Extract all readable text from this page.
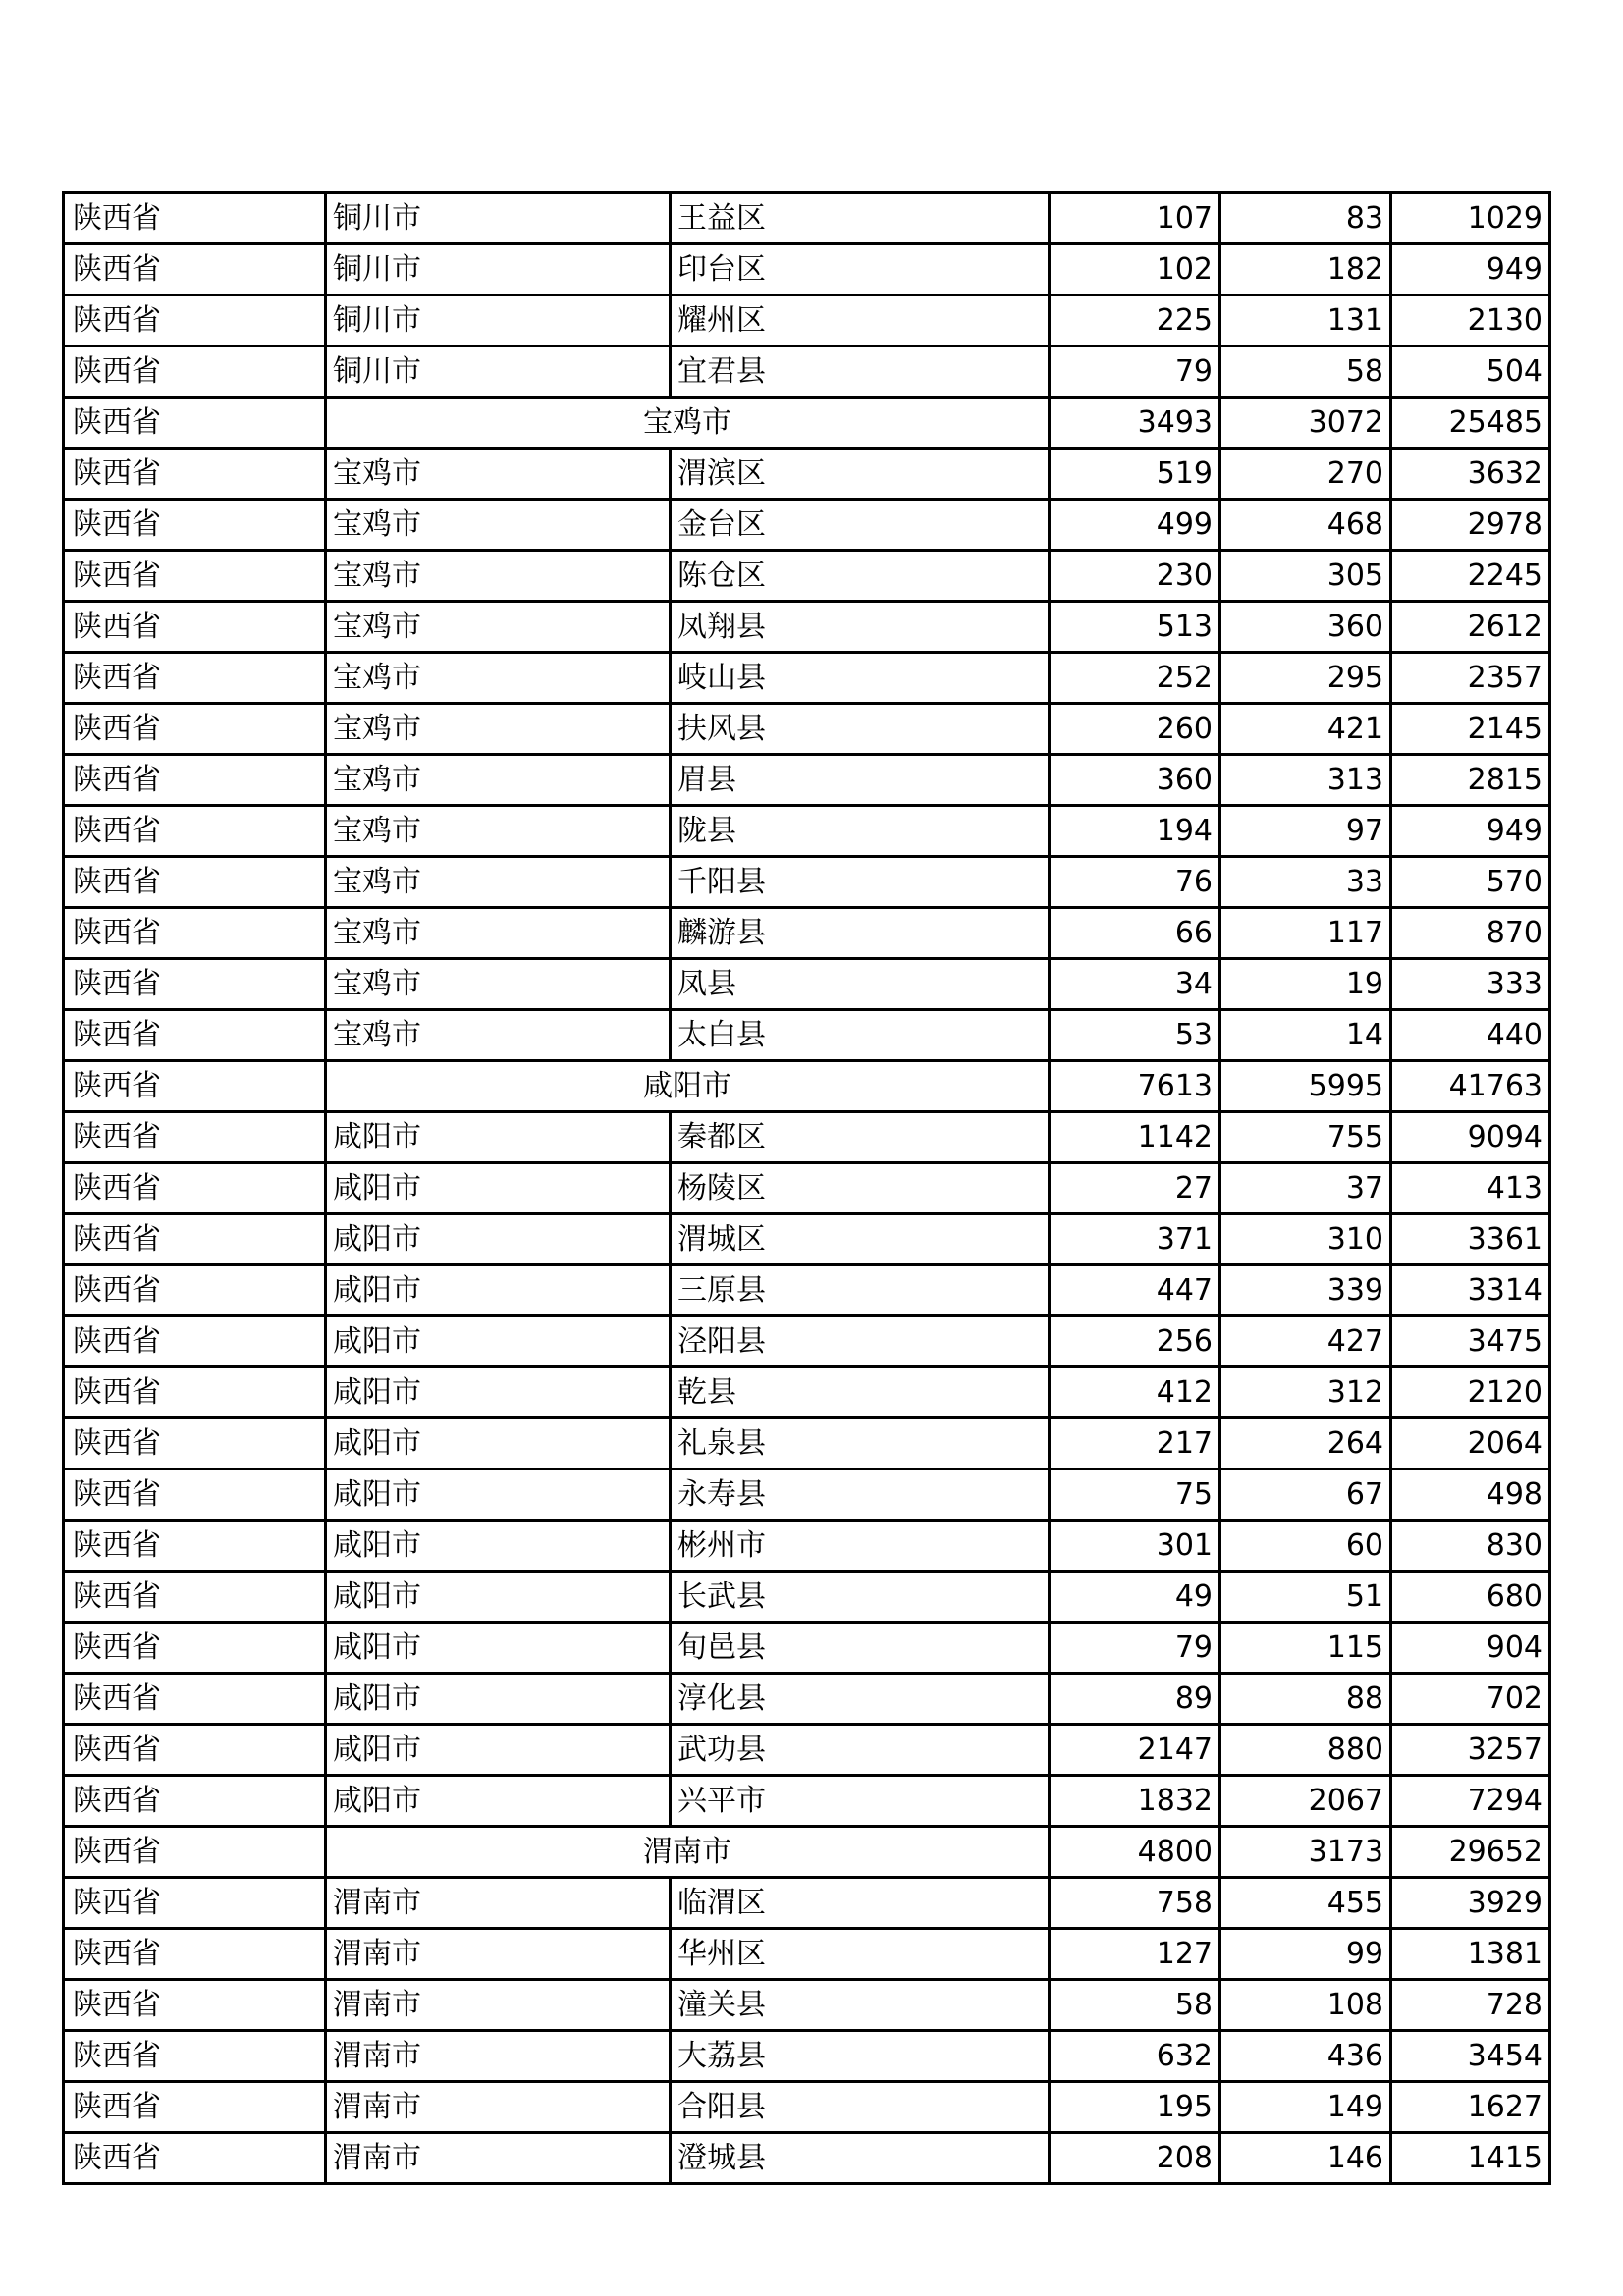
陕西省	铜川市	王益区	107	83	1029
陕西省	铜川市	印台区	102	182	949
陕西省	铜川市	耀州区	225	131	2130
陕西省	铜川市	宜君县	79	58	504
陕西省	宝鸡市		3493	3072	25485
陕西省	宝鸡市	渭滨区	519	270	3632
陕西省	宝鸡市	金台区	499	468	2978
陕西省	宝鸡市	陈仓区	230	305	2245
陕西省	宝鸡市	凤翔县	513	360	2612
陕西省	宝鸡市	岐山县	252	295	2357
陕西省	宝鸡市	扶风县	260	421	2145
陕西省	宝鸡市	眉县	360	313	2815
陕西省	宝鸡市	陇县	194	97	949
陕西省	宝鸡市	千阳县	76	33	570
陕西省	宝鸡市	麟游县	66	117	870
陕西省	宝鸡市	凤县	34	19	333
陕西省	宝鸡市	太白县	53	14	440
陕西省	咸阳市		7613	5995	41763
陕西省	咸阳市	秦都区	1142	755	9094
陕西省	咸阳市	杨陵区	27	37	413
陕西省	咸阳市	渭城区	371	310	3361
陕西省	咸阳市	三原县	447	339	3314
陕西省	咸阳市	泾阳县	256	427	3475
陕西省	咸阳市	乾县	412	312	2120
陕西省	咸阳市	礼泉县	217	264	2064
陕西省	咸阳市	永寿县	75	67	498
陕西省	咸阳市	彬州市	301	60	830
陕西省	咸阳市	长武县	49	51	680
陕西省	咸阳市	旬邑县	79	115	904
陕西省	咸阳市	淳化县	89	88	702
陕西省	咸阳市	武功县	2147	880	3257
陕西省	咸阳市	兴平市	1832	2067	7294
陕西省	渭南市		4800	3173	29652
陕西省	渭南市	临渭区	758	455	3929
陕西省	渭南市	华州区	127	99	1381
陕西省	渭南市	潼关县	58	108	728
陕西省	渭南市	大荔县	632	436	3454
陕西省	渭南市	合阳县	195	149	1627
陕西省	渭南市	澄城县	208	146	1415
